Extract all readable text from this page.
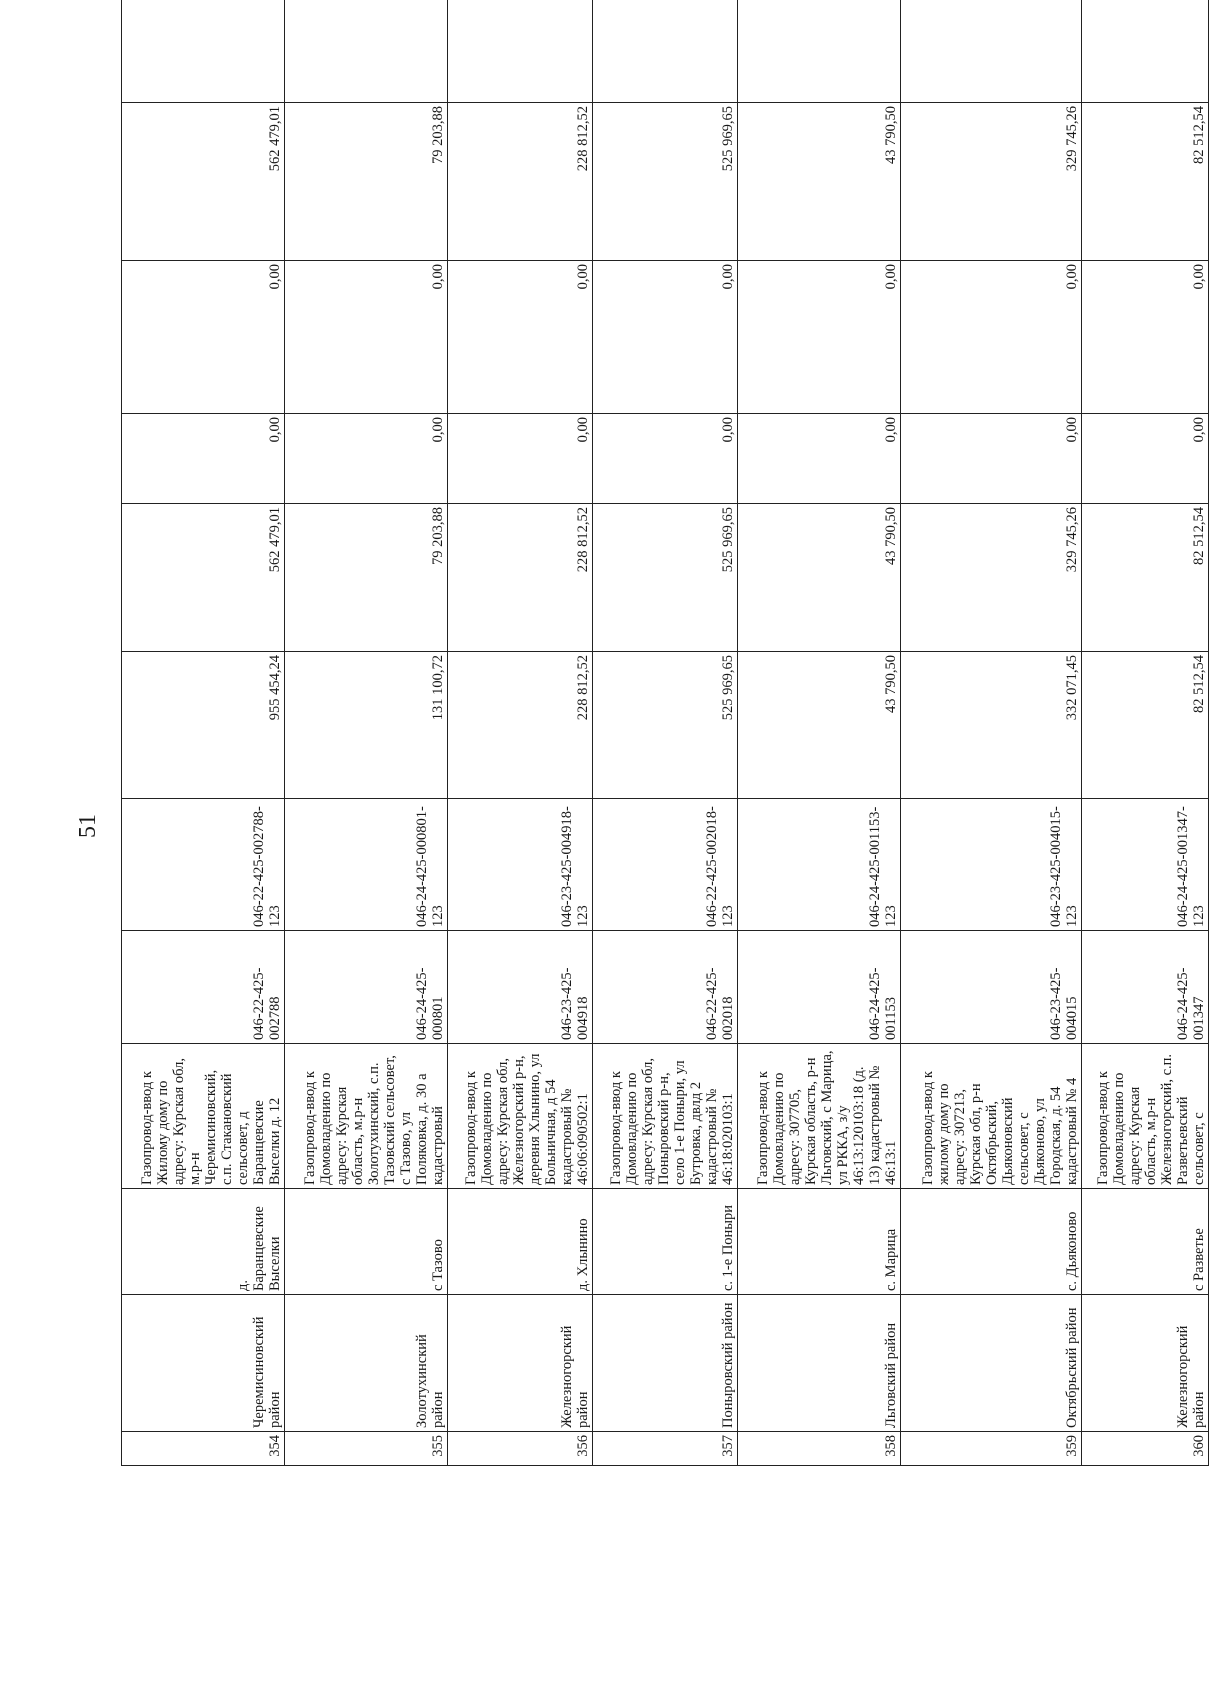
51
354	Черемисиновский район	д. Баранцевские Выселки	Газопровод-ввод к Жилому дому по адресу: Курская обл, м.р-н Черемисиновский, с.п. Стакановский сельсовет, д Баранцевские Выселки д. 12	046-22-425-002788	046-22-425-002788-123	955 454,24	562 479,01	0,00	0,00	562 479,01	
355	Золотухинский район	с Тазово	Газопровод-ввод к Домовладению по адресу: Курская область, м.р-н Золотухинский, с.п. Тазовский сельсовет, с Тазово, ул Поляковка, д. 30 а кадастровый	046-24-425-000801	046-24-425-000801-123	131 100,72	79 203,88	0,00	0,00	79 203,88	
356	Железногорский район	д. Хлынино	Газопровод-ввод к Домовладению по адресу: Курская обл, Железногорский р-н, деревня Хлынино, ул Больничная, д 54 кадастровый № 46:06:090502:1	046-23-425-004918	046-23-425-004918-123	228 812,52	228 812,52	0,00	0,00	228 812,52	
357	Поныровский район	с. 1-е Поныри	Газопровод-ввод к Домовладению по адресу: Курская обл, Поныровский р-н, село 1-е Поныри, ул Бутровка, двлд 2 кадастровый № 46:18:020103:1	046-22-425-002018	046-22-425-002018-123	525 969,65	525 969,65	0,00	0,00	525 969,65	
358	Льговский район	с. Марица	Газопровод-ввод к Домовладению по адресу: 307705, Курская область, р-н Льговский, с Марица, ул РККА, з/у 46:13:120103:18 (д. 13) кадастровый № 46:13:1	046-24-425-001153	046-24-425-001153-123	43 790,50	43 790,50	0,00	0,00	43 790,50	
359	Октябрьский район	с. Дьяконово	Газопровод-ввод к жилому дому по адресу: 307213, Курская обл, р-н Октябрьский, Дьяконовский сельсовет, с Дьяконово, ул Городская, д. 54 кадастровый № 4	046-23-425-004015	046-23-425-004015-123	332 071,45	329 745,26	0,00	0,00	329 745,26	
360	Железногорский район	с Разветье	Газопровод-ввод к Домовладению по адресу: Курская область, м.р-н Железногорский, с.п. Разветьевский сельсовет, с	046-24-425-001347	046-24-425-001347-123	82 512,54	82 512,54	0,00	0,00	82 512,54	
